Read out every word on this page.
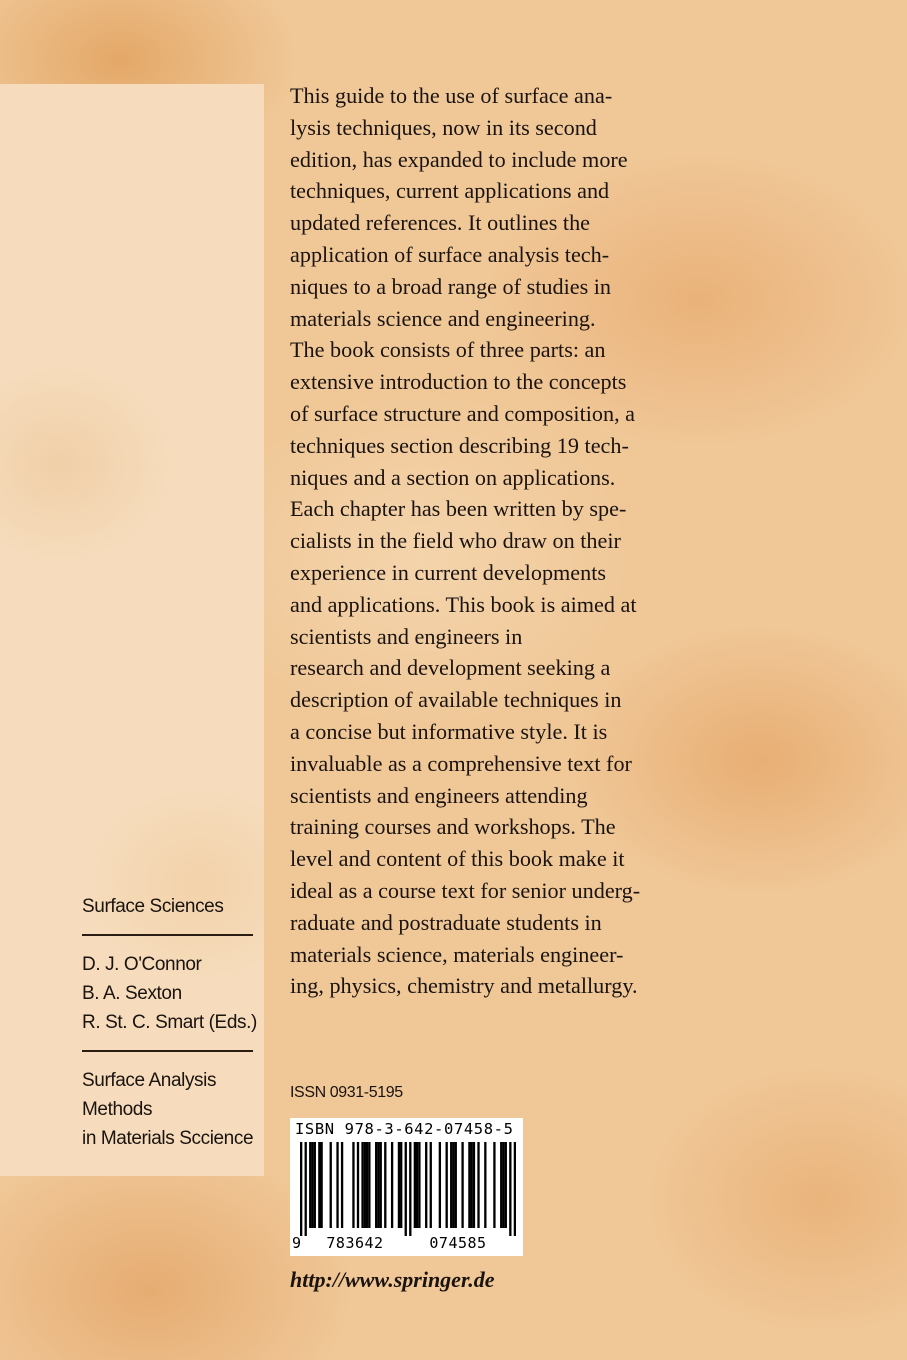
This guide to the use of surface ana-
lysis techniques, now in its second
edition, has expanded to include more
techniques, current applications and
updated references. It outlines the
application of surface analysis tech-
niques to a broad range of studies in
materials science and engineering.
The book consists of three parts: an
extensive introduction to the concepts
of surface structure and composition, a
techniques section describing 19 tech-
niques and a section on applications.
Each chapter has been written by spe-
cialists in the field who draw on their
experience in current developments
and applications. This book is aimed at
scientists and engineers in
research and development seeking a
description of available techniques in
a concise but informative style. It is
invaluable as a comprehensive text for
scientists and engineers attending
training courses and workshops. The
level and content of this book make it
ideal as a course text for senior underg-
raduate and postraduate students in
materials science, materials engineer-
ing, physics, chemistry and metallurgy.

Surface Sciences
D. J. O'Connor
B. A. Sexton
R. St. C. Smart (Eds.)
Surface Analysis
Methods
in Materials Sccience
ISSN 0931-5195
ISBN 978-3-642-07458-5
9	783642	074585
http://www.springer.de
